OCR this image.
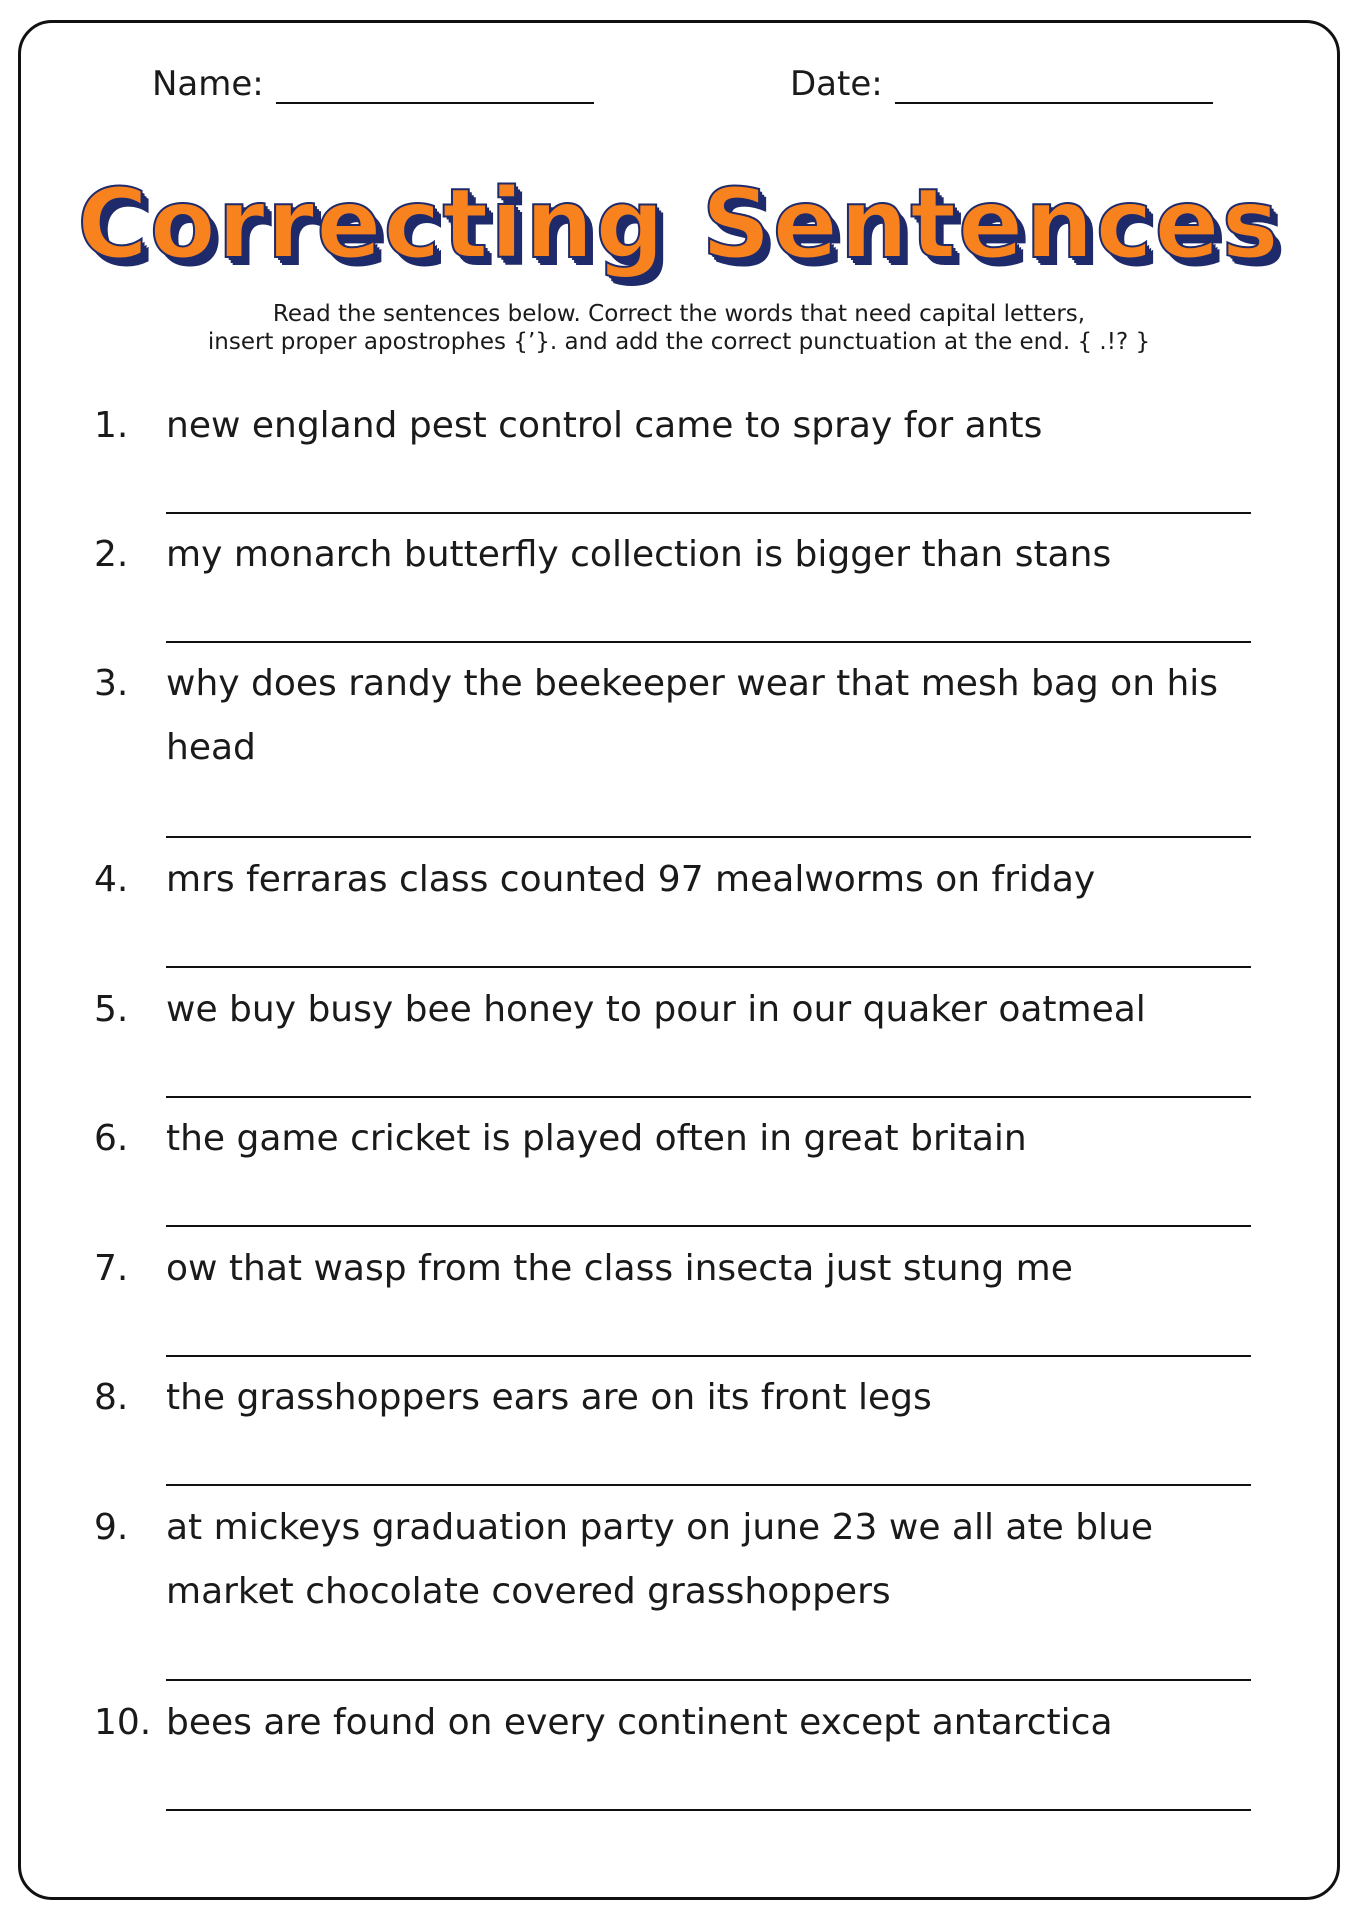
Name:	Date:
Correcting Sentences
Read the sentences below. Correct the words that need capital letters,
insert proper apostrophes {’}. and add the correct punctuation at the end. { .!? }
1.	new england pest control came to spray for ants
2.	my monarch butterfly collection is bigger than stans
3.	why does randy the beekeeper wear that mesh bag on his head
4.	mrs ferraras class counted 97 mealworms on friday
5.	we buy busy bee honey to pour in our quaker oatmeal
6.	the game cricket is played often in great britain
7.	ow that wasp from the class insecta just stung me
8.	the grasshoppers ears are on its front legs
9.	at mickeys graduation party on june 23 we all ate blue market chocolate covered grasshoppers
10. bees are found on every continent except antarctica
